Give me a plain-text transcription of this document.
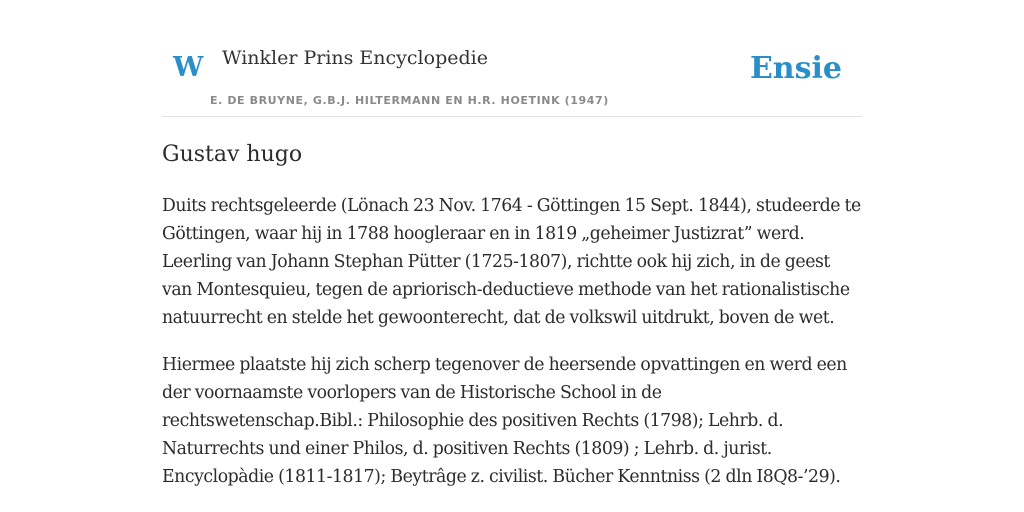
W Winkler Prins Encyclopedie
E. DE BRUYNE, G.B.J. HILTERMANN EN H.R. HOETINK (1947)
Ensie
Gustav hugo

Duits rechtsgeleerde (Lönach 23 Nov. 1764 - Göttingen 15 Sept. 1844), studeerde te Göttingen, waar hij in 1788 hoogleraar en in 1819 „geheimer Justizrat” werd. Leerling van Johann Stephan Pütter (1725-1807), richtte ook hij zich, in de geest van Montesquieu, tegen de apriorisch-deductieve methode van het rationalistische natuurrecht en stelde het gewoonterecht, dat de volkswil uitdrukt, boven de wet.

Hiermee plaatste hij zich scherp tegenover de heersende opvattingen en werd een der voornaamste voorlopers van de Historische School in de rechtswetenschap.Bibl.: Philosophie des positiven Rechts (1798); Lehrb. d. Naturrechts und einer Philos, d. positiven Rechts (1809) ; Lehrb. d. jurist. Encyclopàdie (1811-1817); Beytrâge z. civilist. Bücher Kenntniss (2 dln I8Q8-’29).
